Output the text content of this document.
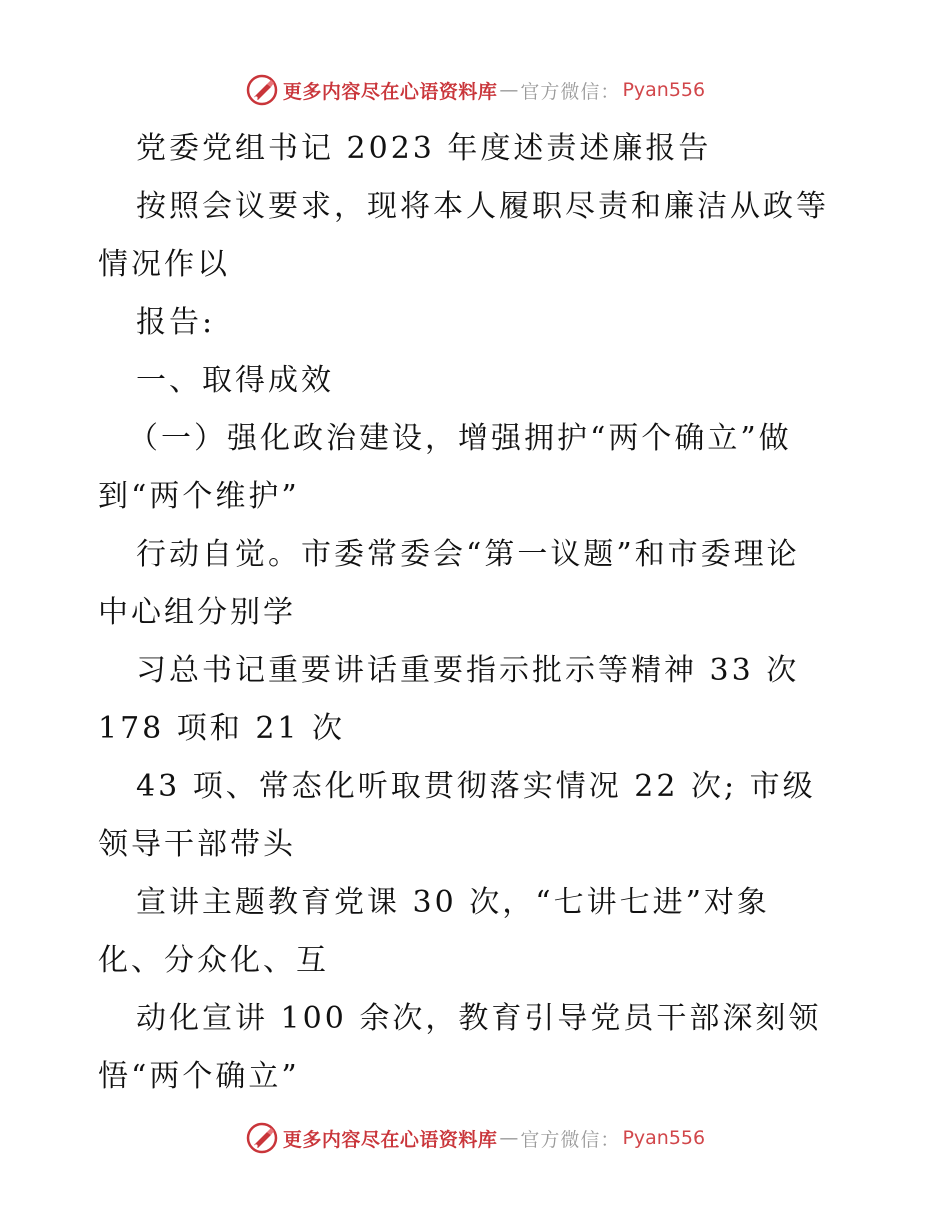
更多内容尽在心语资料库 — 官方微信： Pyan556
党委党组书记 2023 年度述责述廉报告
按照会议要求，现将本人履职尽责和廉洁从政等
情况作以
报告:
一、取得成效
（一）强化政治建设，增强拥护“两个确立”做
到“两个维护”
行动自觉。市委常委会“第一议题”和市委理论
中心组分别学
习总书记重要讲话重要指示批示等精神 33 次
178 项和 21 次
43 项、常态化听取贯彻落实情况 22 次; 市级
领导干部带头
宣讲主题教育党课 30 次，“七讲七进”对象
化、分众化、互
动化宣讲 100 余次，教育引导党员干部深刻领
悟“两个确立”
更多内容尽在心语资料库 — 官方微信： Pyan556
